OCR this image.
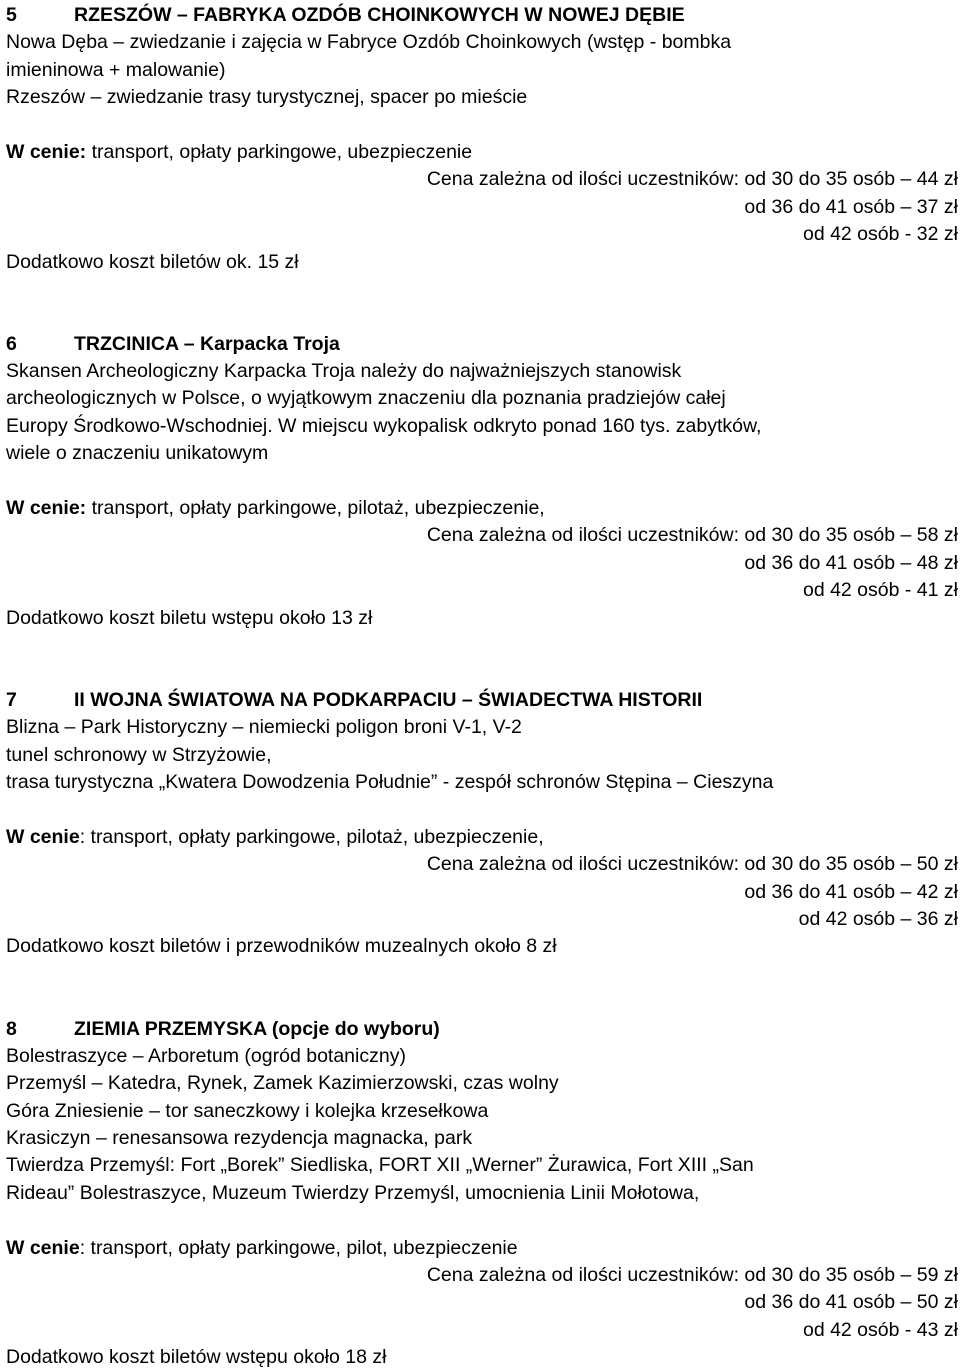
5	RZESZÓW – FABRYKA OZDÓB CHOINKOWYCH W NOWEJ DĘBIE
Nowa Dęba – zwiedzanie i zajęcia w Fabryce Ozdób Choinkowych (wstęp - bombka
imieninowa + malowanie)
Rzeszów – zwiedzanie trasy turystycznej, spacer po mieście
W cenie: transport, opłaty parkingowe, ubezpieczenie
Cena zależna od ilości uczestników: od 30 do 35 osób – 44 zł
od 36 do 41 osób – 37 zł
od 42 osób - 32 zł
Dodatkowo koszt biletów ok. 15 zł
6	TRZCINICA – Karpacka Troja
Skansen Archeologiczny Karpacka Troja należy do najważniejszych stanowisk
archeologicznych w Polsce, o wyjątkowym znaczeniu dla poznania pradziejów całej
Europy Środkowo-Wschodniej. W miejscu wykopalisk odkryto ponad 160 tys. zabytków,
wiele o znaczeniu unikatowym
W cenie: transport, opłaty parkingowe, pilotaż, ubezpieczenie,
Cena zależna od ilości uczestników: od 30 do 35 osób – 58 zł
od 36 do 41 osób – 48 zł
od 42 osób - 41 zł
Dodatkowo koszt biletu wstępu około 13 zł
7	II WOJNA ŚWIATOWA NA PODKARPACIU – ŚWIADECTWA HISTORII
Blizna – Park Historyczny – niemiecki poligon broni V-1, V-2
tunel schronowy w Strzyżowie,
trasa turystyczna „Kwatera Dowodzenia Południe” - zespół schronów Stępina – Cieszyna
W cenie: transport, opłaty parkingowe, pilotaż, ubezpieczenie,
Cena zależna od ilości uczestników: od 30 do 35 osób – 50 zł
od 36 do 41 osób – 42 zł
od 42 osób – 36 zł
Dodatkowo koszt biletów i przewodników muzealnych około 8 zł
8	ZIEMIA PRZEMYSKA (opcje do wyboru)
Bolestraszyce – Arboretum (ogród botaniczny)
Przemyśl – Katedra, Rynek, Zamek Kazimierzowski, czas wolny
Góra Zniesienie – tor saneczkowy i kolejka krzesełkowa
Krasiczyn – renesansowa rezydencja magnacka, park
Twierdza Przemyśl: Fort „Borek” Siedliska, FORT XII „Werner” Żurawica, Fort XIII „San
Rideau” Bolestraszyce, Muzeum Twierdzy Przemyśl, umocnienia Linii Mołotowa,
W cenie: transport, opłaty parkingowe, pilot, ubezpieczenie
Cena zależna od ilości uczestników: od 30 do 35 osób – 59 zł
od 36 do 41 osób – 50 zł
od 42 osób - 43 zł
Dodatkowo koszt biletów wstępu około 18 zł
